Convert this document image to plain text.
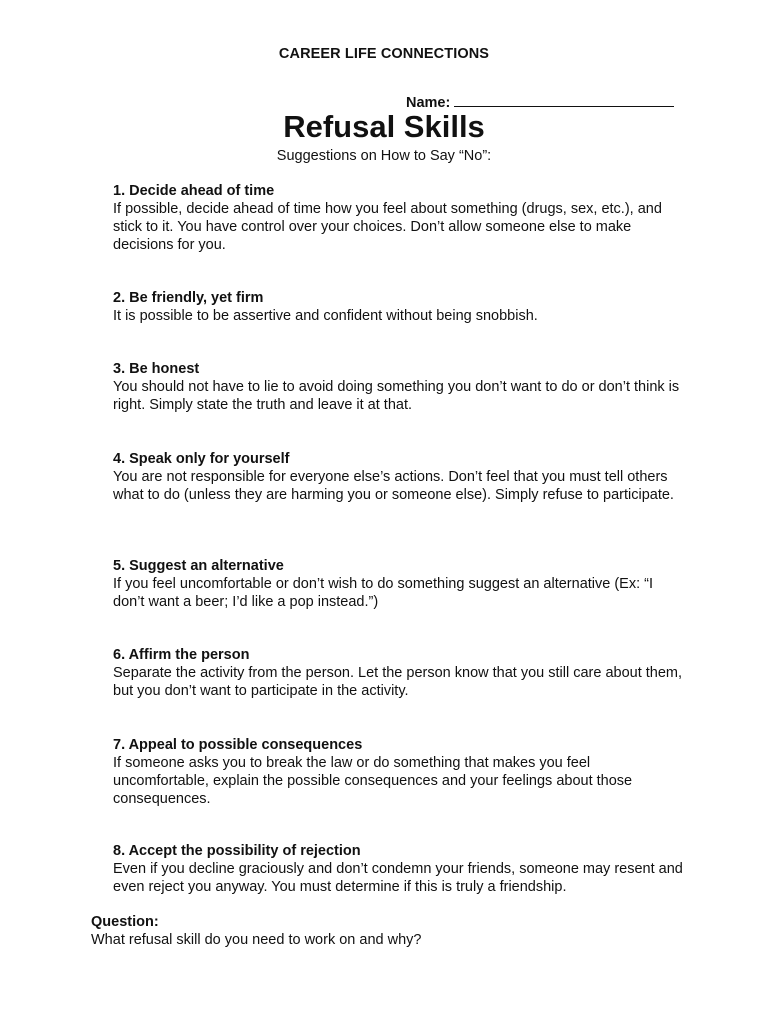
CAREER LIFE CONNECTIONS
Name:
Refusal Skills
Suggestions on How to Say “No”:
1. Decide ahead of time

If possible, decide ahead of time how you feel about something (drugs, sex, etc.), and stick to it. You have control over your choices. Don’t allow someone else to make decisions for you.

2. Be friendly, yet firm

It is possible to be assertive and confident without being snobbish.

3. Be honest

You should not have to lie to avoid doing something you don’t want to do or don’t think is right. Simply state the truth and leave it at that.

4. Speak only for yourself

You are not responsible for everyone else’s actions. Don’t feel that you must tell others what to do (unless they are harming you or someone else). Simply refuse to participate.

5. Suggest an alternative

If you feel uncomfortable or don’t wish to do something suggest an alternative (Ex: “I don’t want a beer; I’d like a pop instead.”)

6. Affirm the person

Separate the activity from the person. Let the person know that you still care about them, but you don’t want to participate in the activity.

7. Appeal to possible consequences

If someone asks you to break the law or do something that makes you feel uncomfortable, explain the possible consequences and your feelings about those consequences.

8. Accept the possibility of rejection

Even if you decline graciously and don’t condemn your friends, someone may resent and even reject you anyway. You must determine if this is truly a friendship.

Question:
What refusal skill do you need to work on and why?
